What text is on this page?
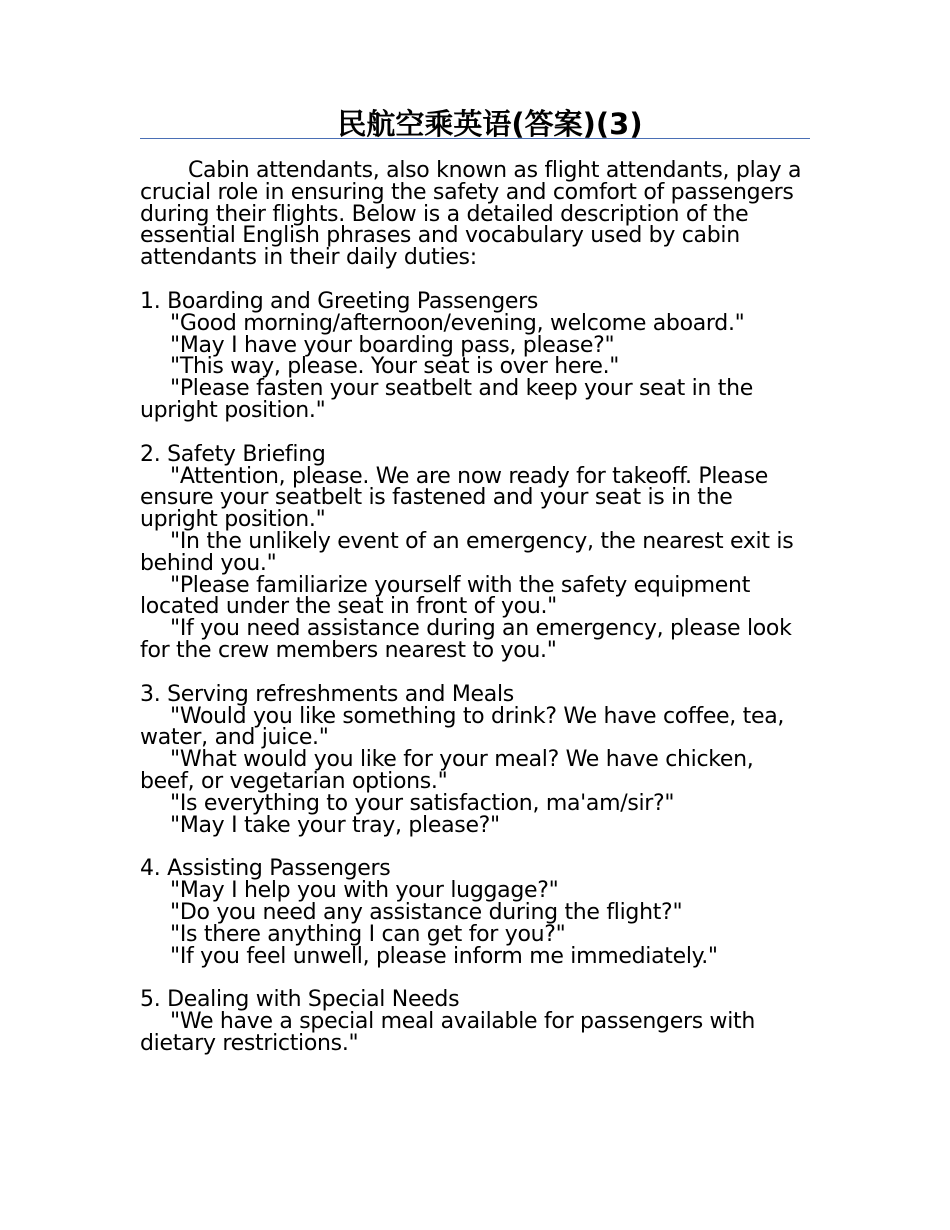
民航空乘英语(答案)(3)

Cabin attendants, also known as flight attendants, play a crucial role in ensuring the safety and comfort of passengers during their flights. Below is a detailed description of the essential English phrases and vocabulary used by cabin attendants in their daily duties:

1. Boarding and Greeting Passengers

"Good morning/afternoon/evening, welcome aboard."

"May I have your boarding pass, please?"

"This way, please. Your seat is over here."

"Please fasten your seatbelt and keep your seat in the upright position."

2. Safety Briefing

"Attention, please. We are now ready for takeoff. Please ensure your seatbelt is fastened and your seat is in the upright position."

"In the unlikely event of an emergency, the nearest exit is behind you."

"Please familiarize yourself with the safety equipment located under the seat in front of you."

"If you need assistance during an emergency, please look for the crew members nearest to you."

3. Serving refreshments and Meals

"Would you like something to drink? We have coffee, tea, water, and juice."

"What would you like for your meal? We have chicken, beef, or vegetarian options."

"Is everything to your satisfaction, ma'am/sir?"

"May I take your tray, please?"

4. Assisting Passengers

"May I help you with your luggage?"

"Do you need any assistance during the flight?"

"Is there anything I can get for you?"

"If you feel unwell, please inform me immediately."

5. Dealing with Special Needs

"We have a special meal available for passengers with dietary restrictions."
